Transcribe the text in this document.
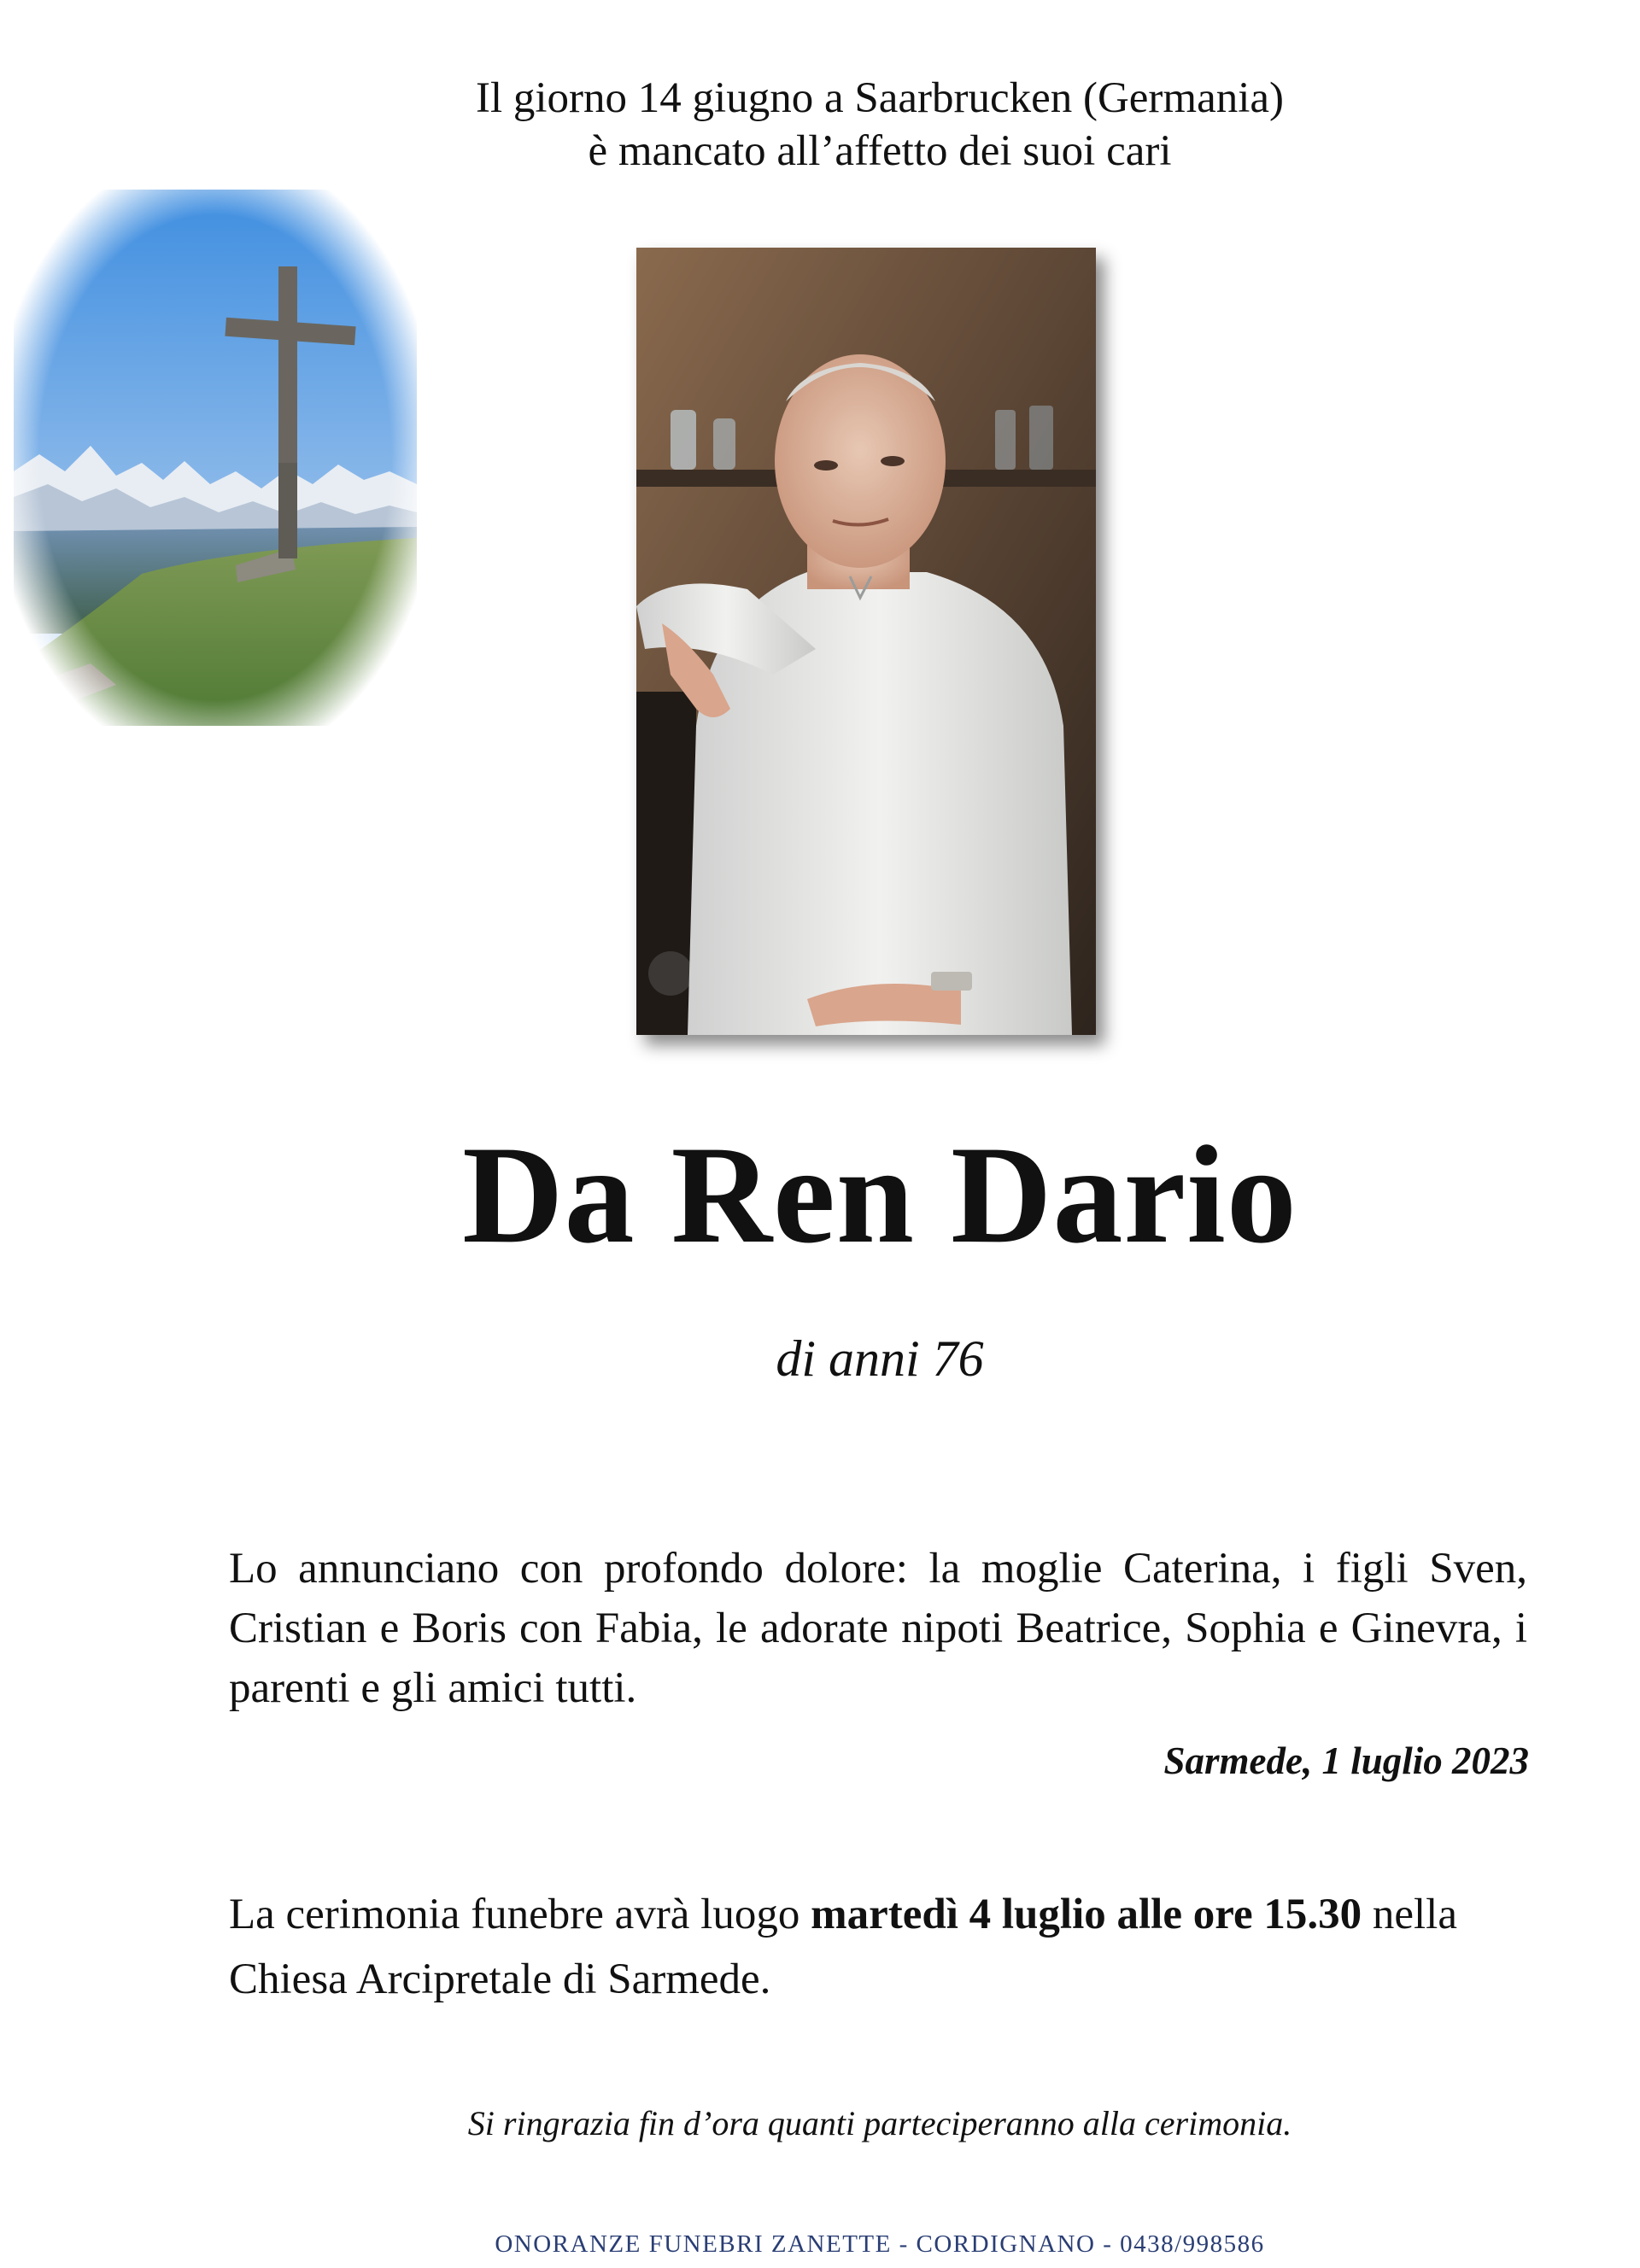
Il giorno 14 giugno a Saarbrucken (Germania)
è mancato all’affetto dei suoi cari
Da Ren Dario
di anni 76
Lo annunciano con profondo dolore: la moglie Caterina, i figli Sven, Cristian e Boris con Fabia, le adorate nipoti Beatrice, Sophia e Ginevra, i parenti e gli amici tutti.
Sarmede, 1 luglio 2023
La cerimonia funebre avrà luogo martedì 4 luglio alle ore 15.30 nella
Chiesa Arcipretale di Sarmede.
Si ringrazia fin d’ora quanti parteciperanno alla cerimonia.
ONORANZE FUNEBRI ZANETTE - CORDIGNANO - 0438/998586
